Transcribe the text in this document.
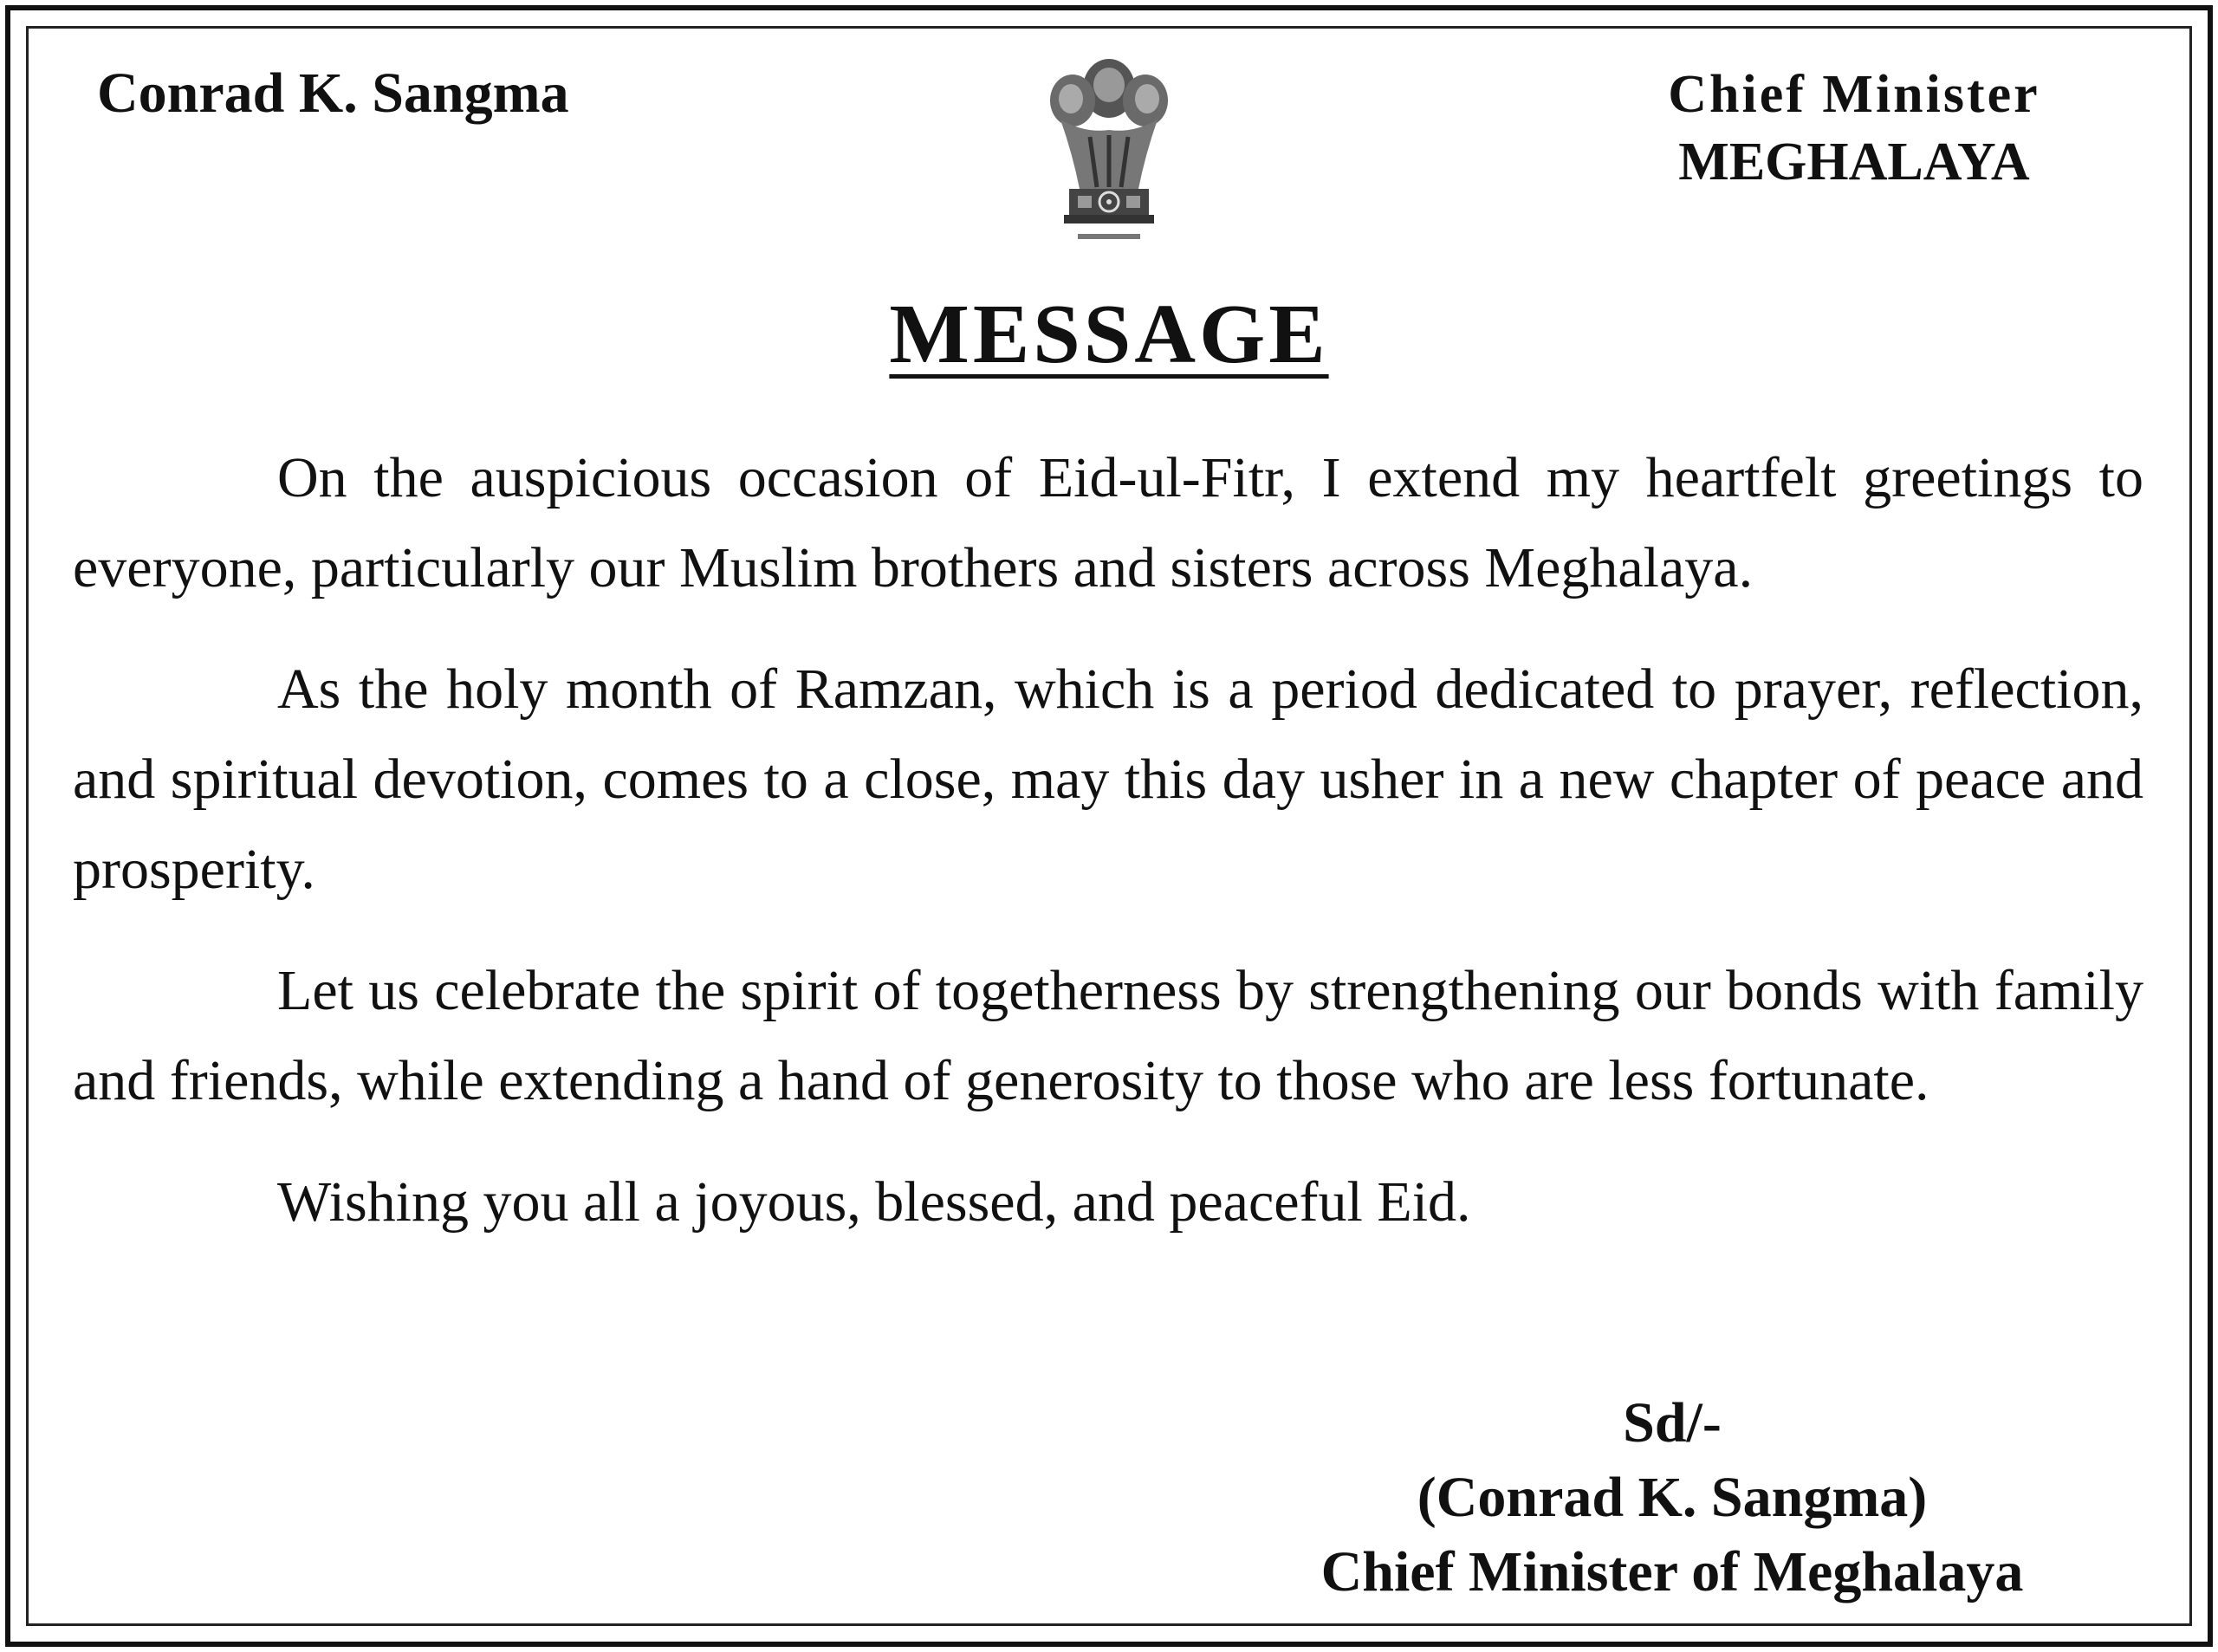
Conrad K. Sangma	Chief Minister
MEGHALAYA
MESSAGE

On the auspicious occasion of Eid-ul-Fitr, I extend my heartfelt greetings to everyone, particularly our Muslim brothers and sisters across Meghalaya.

As the holy month of Ramzan, which is a period dedicated to prayer, reflection, and spiritual devotion, comes to a close, may this day usher in a new chapter of peace and prosperity.

Let us celebrate the spirit of togetherness by strengthening our bonds with family and friends, while extending a hand of generosity to those who are less fortunate.

Wishing you all a joyous, blessed, and peaceful Eid.

Sd/-
(Conrad K. Sangma)
Chief Minister of Meghalaya
